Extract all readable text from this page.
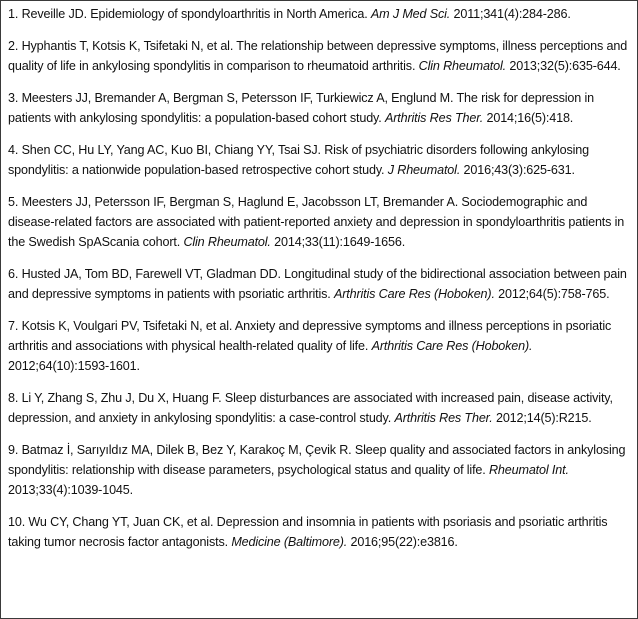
1. Reveille JD. Epidemiology of spondyloarthritis in North America. Am J Med Sci. 2011;341(4):284-286.

2. Hyphantis T, Kotsis K, Tsifetaki N, et al. The relationship between depressive symptoms, illness perceptions and quality of life in ankylosing spondylitis in comparison to rheumatoid arthritis. Clin Rheumatol. 2013;32(5):635-644.

3. Meesters JJ, Bremander A, Bergman S, Petersson IF, Turkiewicz A, Englund M. The risk for depression in patients with ankylosing spondylitis: a population-based cohort study. Arthritis Res Ther. 2014;16(5):418.

4. Shen CC, Hu LY, Yang AC, Kuo BI, Chiang YY, Tsai SJ. Risk of psychiatric disorders following ankylosing spondylitis: a nationwide population-based retrospective cohort study. J Rheumatol. 2016;43(3):625-631.

5. Meesters JJ, Petersson IF, Bergman S, Haglund E, Jacobsson LT, Bremander A. Sociodemographic and disease-related factors are associated with patient-reported anxiety and depression in spondyloarthritis patients in the Swedish SpAScania cohort. Clin Rheumatol. 2014;33(11):1649-1656.

6. Husted JA, Tom BD, Farewell VT, Gladman DD. Longitudinal study of the bidirectional association between pain and depressive symptoms in patients with psoriatic arthritis. Arthritis Care Res (Hoboken). 2012;64(5):758-765.

7. Kotsis K, Voulgari PV, Tsifetaki N, et al. Anxiety and depressive symptoms and illness perceptions in psoriatic arthritis and associations with physical health-related quality of life. Arthritis Care Res (Hoboken). 2012;64(10):1593-1601.

8. Li Y, Zhang S, Zhu J, Du X, Huang F. Sleep disturbances are associated with increased pain, disease activity, depression, and anxiety in ankylosing spondylitis: a case-control study. Arthritis Res Ther. 2012;14(5):R215.

9. Batmaz İ, Sarıyıldız MA, Dilek B, Bez Y, Karakoç M, Çevik R. Sleep quality and associated factors in ankylosing spondylitis: relationship with disease parameters, psychological status and quality of life. Rheumatol Int. 2013;33(4):1039-1045.

10. Wu CY, Chang YT, Juan CK, et al. Depression and insomnia in patients with psoriasis and psoriatic arthritis taking tumor necrosis factor antagonists. Medicine (Baltimore). 2016;95(22):e3816.
